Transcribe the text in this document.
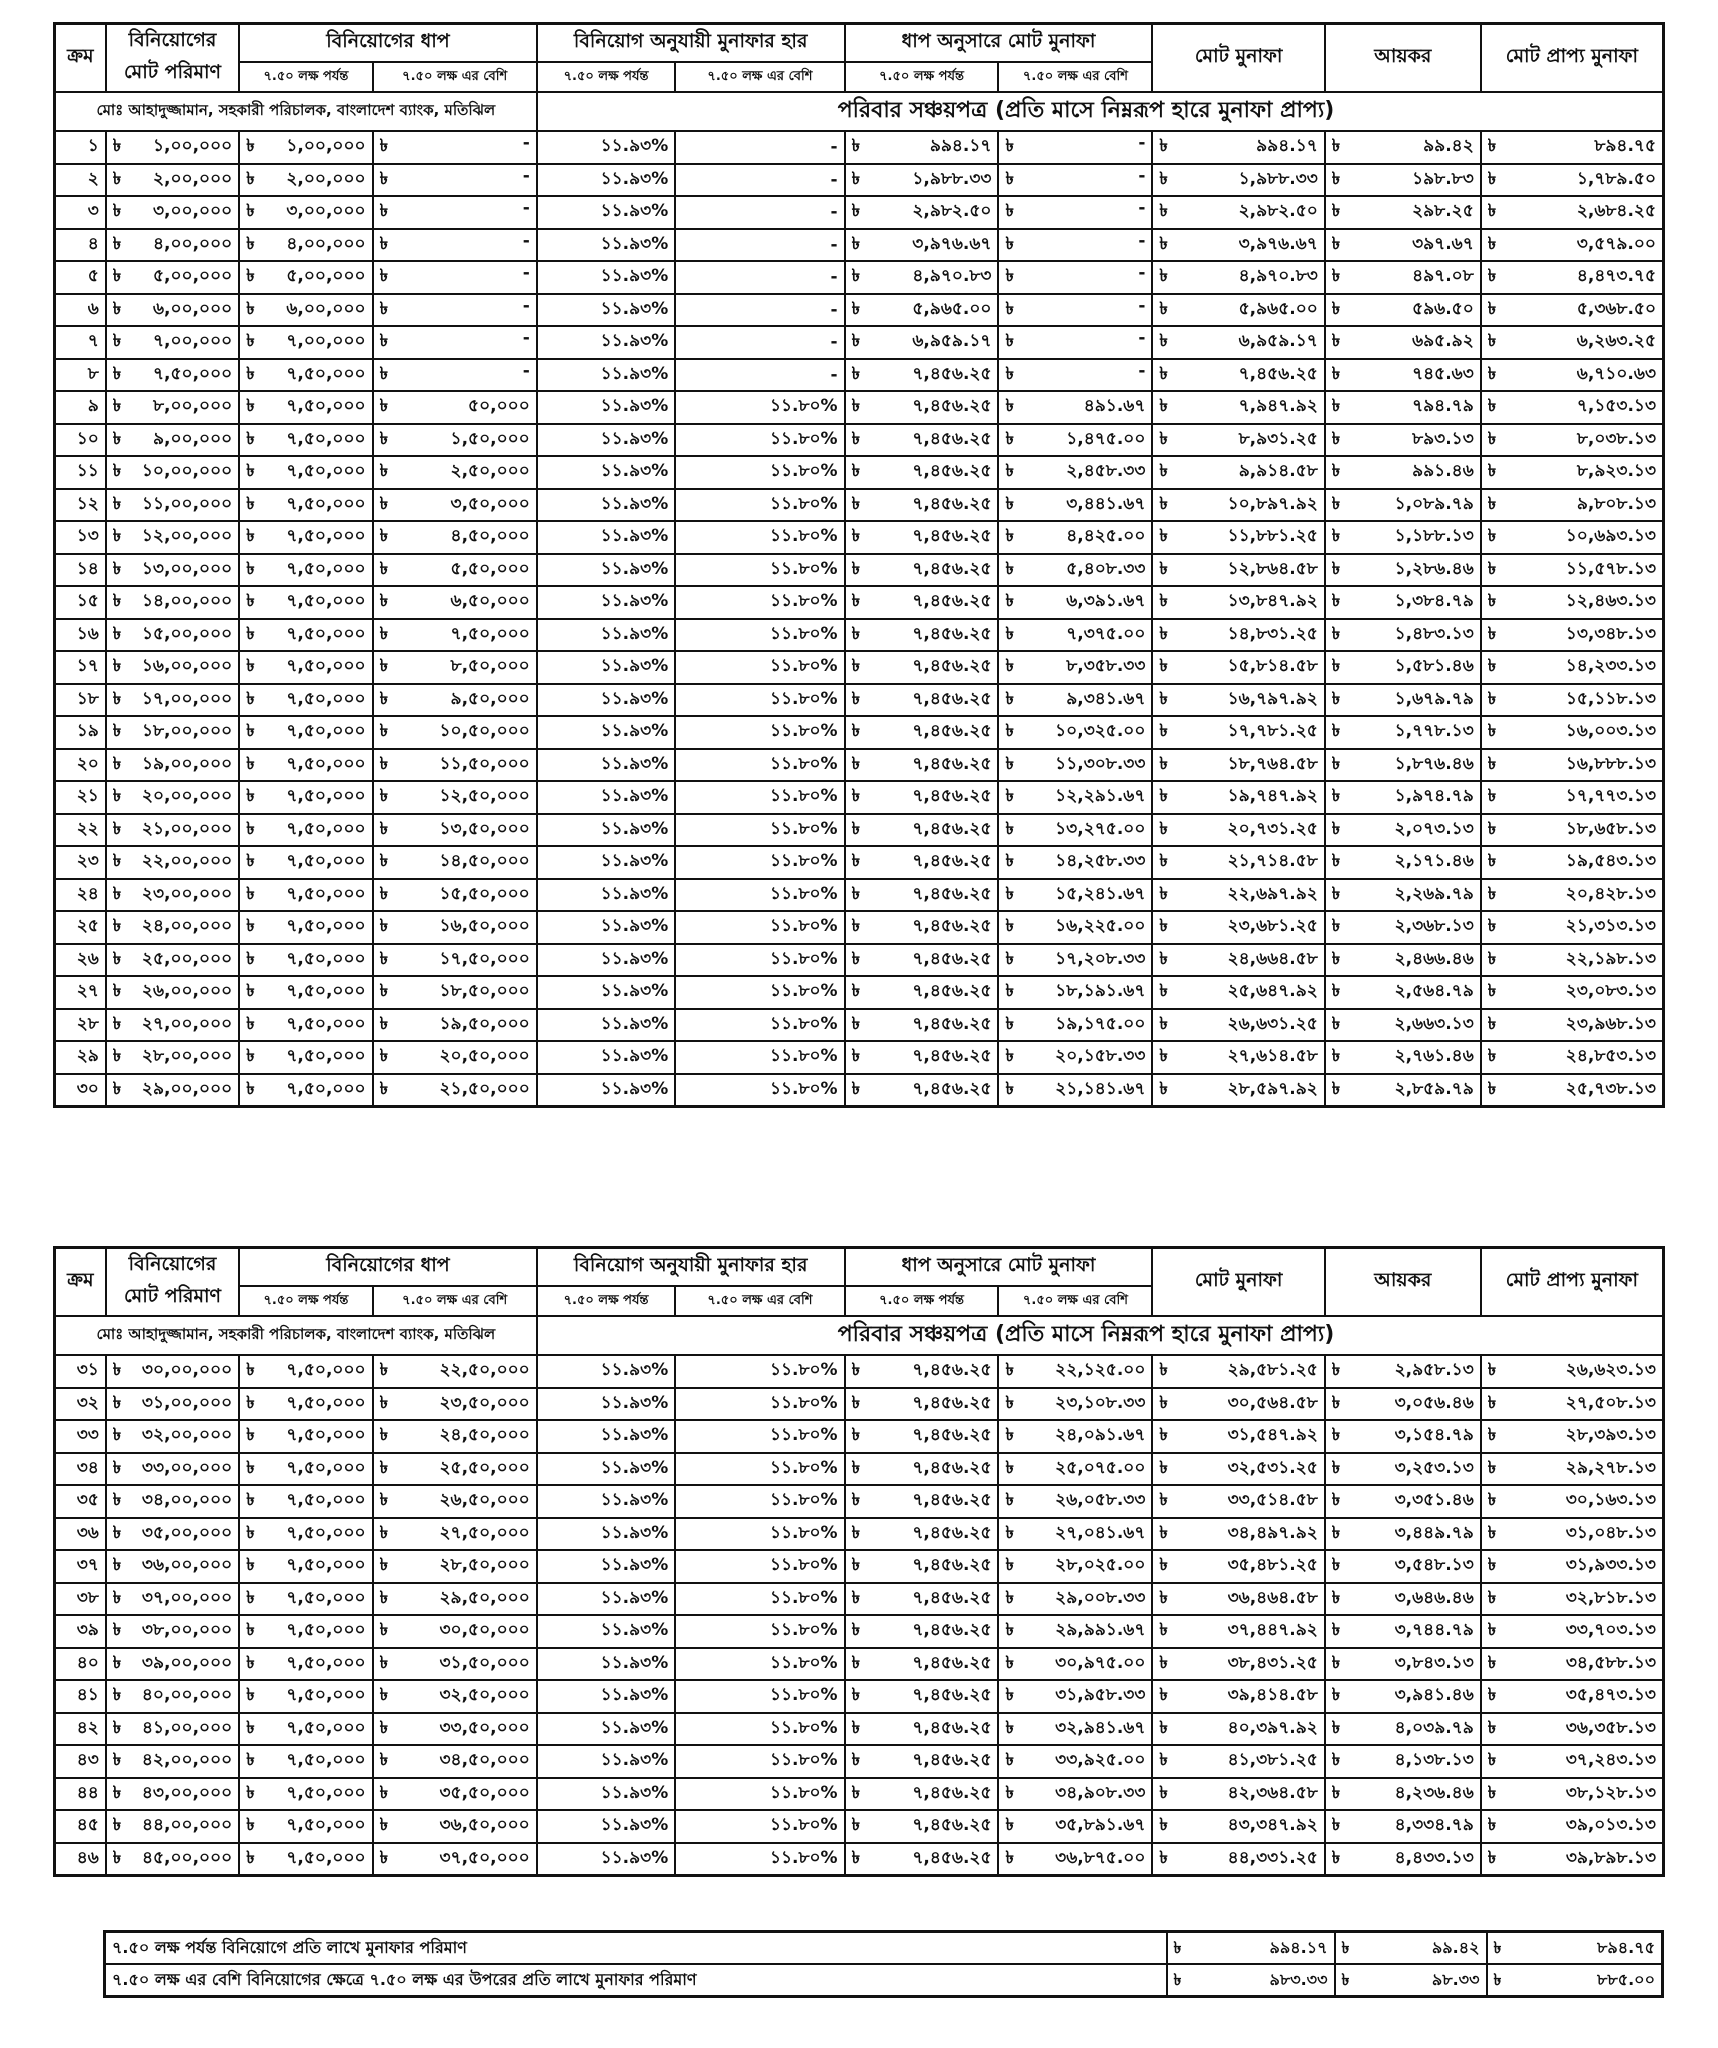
ক্রম	বিনিয়োগের মোট পরিমাণ	বিনিয়োগের ধাপ		বিনিয়োগ অনুযায়ী মুনাফার হার		ধাপ অনুসারে মোট মুনাফা		মোট মুনাফা	আয়কর	মোট প্রাপ্য মুনাফা
		৭.৫০ লক্ষ পর্যন্ত	৭.৫০ লক্ষ এর বেশি	৭.৫০ লক্ষ পর্যন্ত	৭.৫০ লক্ষ এর বেশি	৭.৫০ লক্ষ পর্যন্ত	৭.৫০ লক্ষ এর বেশি			
মোঃ আহাদুজ্জামান, সহকারী পরিচালক, বাংলাদেশ ব্যাংক, মতিঝিল				পরিবার সঞ্চয়পত্র (প্রতি মাসে নিম্নরূপ হারে মুনাফা প্রাপ্য)						
১	৳ ১,০০,০০০	৳ ১,০০,০০০	৳ -	১১.৯৩%	-	৳ ৯৯৪.১৭	৳ -	৳ ৯৯৪.১৭	৳ ৯৯.৪২	৳ ৮৯৪.৭৫
২	৳ ২,০০,০০০	৳ ২,০০,০০০	৳ -	১১.৯৩%	-	৳ ১,৯৮৮.৩৩	৳ -	৳ ১,৯৮৮.৩৩	৳ ১৯৮.৮৩	৳ ১,৭৮৯.৫০
৩	৳ ৩,০০,০০০	৳ ৩,০০,০০০	৳ -	১১.৯৩%	-	৳ ২,৯৮২.৫০	৳ -	৳ ২,৯৮২.৫০	৳ ২৯৮.২৫	৳ ২,৬৮৪.২৫
৪	৳ ৪,০০,০০০	৳ ৪,০০,০০০	৳ -	১১.৯৩%	-	৳ ৩,৯৭৬.৬৭	৳ -	৳ ৩,৯৭৬.৬৭	৳ ৩৯৭.৬৭	৳ ৩,৫৭৯.০০
৫	৳ ৫,০০,০০০	৳ ৫,০০,০০০	৳ -	১১.৯৩%	-	৳ ৪,৯৭০.৮৩	৳ -	৳ ৪,৯৭০.৮৩	৳ ৪৯৭.০৮	৳ ৪,৪৭৩.৭৫
৬	৳ ৬,০০,০০০	৳ ৬,০০,০০০	৳ -	১১.৯৩%	-	৳ ৫,৯৬৫.০০	৳ -	৳ ৫,৯৬৫.০০	৳ ৫৯৬.৫০	৳ ৫,৩৬৮.৫০
৭	৳ ৭,০০,০০০	৳ ৭,০০,০০০	৳ -	১১.৯৩%	-	৳ ৬,৯৫৯.১৭	৳ -	৳ ৬,৯৫৯.১৭	৳ ৬৯৫.৯২	৳ ৬,২৬৩.২৫
৮	৳ ৭,৫০,০০০	৳ ৭,৫০,০০০	৳ -	১১.৯৩%	-	৳ ৭,৪৫৬.২৫	৳ -	৳ ৭,৪৫৬.২৫	৳ ৭৪৫.৬৩	৳ ৬,৭১০.৬৩
৯	৳ ৮,০০,০০০	৳ ৭,৫০,০০০	৳ ৫০,০০০	১১.৯৩%	১১.৮০%	৳ ৭,৪৫৬.২৫	৳ ৪৯১.৬৭	৳ ৭,৯৪৭.৯২	৳ ৭৯৪.৭৯	৳ ৭,১৫৩.১৩
১০	৳ ৯,০০,০০০	৳ ৭,৫০,০০০	৳ ১,৫০,০০০	১১.৯৩%	১১.৮০%	৳ ৭,৪৫৬.২৫	৳ ১,৪৭৫.০০	৳ ৮,৯৩১.২৫	৳ ৮৯৩.১৩	৳ ৮,০৩৮.১৩
১১	৳ ১০,০০,০০০	৳ ৭,৫০,০০০	৳ ২,৫০,০০০	১১.৯৩%	১১.৮০%	৳ ৭,৪৫৬.২৫	৳ ২,৪৫৮.৩৩	৳ ৯,৯১৪.৫৮	৳ ৯৯১.৪৬	৳ ৮,৯২৩.১৩
১২	৳ ১১,০০,০০০	৳ ৭,৫০,০০০	৳ ৩,৫০,০০০	১১.৯৩%	১১.৮০%	৳ ৭,৪৫৬.২৫	৳ ৩,৪৪১.৬৭	৳ ১০,৮৯৭.৯২	৳ ১,০৮৯.৭৯	৳ ৯,৮০৮.১৩
১৩	৳ ১২,০০,০০০	৳ ৭,৫০,০০০	৳ ৪,৫০,০০০	১১.৯৩%	১১.৮০%	৳ ৭,৪৫৬.২৫	৳ ৪,৪২৫.০০	৳ ১১,৮৮১.২৫	৳ ১,১৮৮.১৩	৳ ১০,৬৯৩.১৩
১৪	৳ ১৩,০০,০০০	৳ ৭,৫০,০০০	৳ ৫,৫০,০০০	১১.৯৩%	১১.৮০%	৳ ৭,৪৫৬.২৫	৳ ৫,৪০৮.৩৩	৳ ১২,৮৬৪.৫৮	৳ ১,২৮৬.৪৬	৳ ১১,৫৭৮.১৩
১৫	৳ ১৪,০০,০০০	৳ ৭,৫০,০০০	৳ ৬,৫০,০০০	১১.৯৩%	১১.৮০%	৳ ৭,৪৫৬.২৫	৳ ৬,৩৯১.৬৭	৳ ১৩,৮৪৭.৯২	৳ ১,৩৮৪.৭৯	৳ ১২,৪৬৩.১৩
১৬	৳ ১৫,০০,০০০	৳ ৭,৫০,০০০	৳ ৭,৫০,০০০	১১.৯৩%	১১.৮০%	৳ ৭,৪৫৬.২৫	৳ ৭,৩৭৫.০০	৳ ১৪,৮৩১.২৫	৳ ১,৪৮৩.১৩	৳ ১৩,৩৪৮.১৩
১৭	৳ ১৬,০০,০০০	৳ ৭,৫০,০০০	৳ ৮,৫০,০০০	১১.৯৩%	১১.৮০%	৳ ৭,৪৫৬.২৫	৳ ৮,৩৫৮.৩৩	৳ ১৫,৮১৪.৫৮	৳ ১,৫৮১.৪৬	৳ ১৪,২৩৩.১৩
১৮	৳ ১৭,০০,০০০	৳ ৭,৫০,০০০	৳ ৯,৫০,০০০	১১.৯৩%	১১.৮০%	৳ ৭,৪৫৬.২৫	৳ ৯,৩৪১.৬৭	৳ ১৬,৭৯৭.৯২	৳ ১,৬৭৯.৭৯	৳ ১৫,১১৮.১৩
১৯	৳ ১৮,০০,০০০	৳ ৭,৫০,০০০	৳ ১০,৫০,০০০	১১.৯৩%	১১.৮০%	৳ ৭,৪৫৬.২৫	৳ ১০,৩২৫.০০	৳ ১৭,৭৮১.২৫	৳ ১,৭৭৮.১৩	৳ ১৬,০০৩.১৩
২০	৳ ১৯,০০,০০০	৳ ৭,৫০,০০০	৳ ১১,৫০,০০০	১১.৯৩%	১১.৮০%	৳ ৭,৪৫৬.২৫	৳ ১১,৩০৮.৩৩	৳ ১৮,৭৬৪.৫৮	৳ ১,৮৭৬.৪৬	৳ ১৬,৮৮৮.১৩
২১	৳ ২০,০০,০০০	৳ ৭,৫০,০০০	৳ ১২,৫০,০০০	১১.৯৩%	১১.৮০%	৳ ৭,৪৫৬.২৫	৳ ১২,২৯১.৬৭	৳ ১৯,৭৪৭.৯২	৳ ১,৯৭৪.৭৯	৳ ১৭,৭৭৩.১৩
২২	৳ ২১,০০,০০০	৳ ৭,৫০,০০০	৳ ১৩,৫০,০০০	১১.৯৩%	১১.৮০%	৳ ৭,৪৫৬.২৫	৳ ১৩,২৭৫.০০	৳ ২০,৭৩১.২৫	৳ ২,০৭৩.১৩	৳ ১৮,৬৫৮.১৩
২৩	৳ ২২,০০,০০০	৳ ৭,৫০,০০০	৳ ১৪,৫০,০০০	১১.৯৩%	১১.৮০%	৳ ৭,৪৫৬.২৫	৳ ১৪,২৫৮.৩৩	৳ ২১,৭১৪.৫৮	৳ ২,১৭১.৪৬	৳ ১৯,৫৪৩.১৩
২৪	৳ ২৩,০০,০০০	৳ ৭,৫০,০০০	৳ ১৫,৫০,০০০	১১.৯৩%	১১.৮০%	৳ ৭,৪৫৬.২৫	৳ ১৫,২৪১.৬৭	৳ ২২,৬৯৭.৯২	৳ ২,২৬৯.৭৯	৳ ২০,৪২৮.১৩
২৫	৳ ২৪,০০,০০০	৳ ৭,৫০,০০০	৳ ১৬,৫০,০০০	১১.৯৩%	১১.৮০%	৳ ৭,৪৫৬.২৫	৳ ১৬,২২৫.০০	৳ ২৩,৬৮১.২৫	৳ ২,৩৬৮.১৩	৳ ২১,৩১৩.১৩
২৬	৳ ২৫,০০,০০০	৳ ৭,৫০,০০০	৳ ১৭,৫০,০০০	১১.৯৩%	১১.৮০%	৳ ৭,৪৫৬.২৫	৳ ১৭,২০৮.৩৩	৳ ২৪,৬৬৪.৫৮	৳ ২,৪৬৬.৪৬	৳ ২২,১৯৮.১৩
২৭	৳ ২৬,০০,০০০	৳ ৭,৫০,০০০	৳ ১৮,৫০,০০০	১১.৯৩%	১১.৮০%	৳ ৭,৪৫৬.২৫	৳ ১৮,১৯১.৬৭	৳ ২৫,৬৪৭.৯২	৳ ২,৫৬৪.৭৯	৳ ২৩,০৮৩.১৩
২৮	৳ ২৭,০০,০০০	৳ ৭,৫০,০০০	৳ ১৯,৫০,০০০	১১.৯৩%	১১.৮০%	৳ ৭,৪৫৬.২৫	৳ ১৯,১৭৫.০০	৳ ২৬,৬৩১.২৫	৳ ২,৬৬৩.১৩	৳ ২৩,৯৬৮.১৩
২৯	৳ ২৮,০০,০০০	৳ ৭,৫০,০০০	৳ ২০,৫০,০০০	১১.৯৩%	১১.৮০%	৳ ৭,৪৫৬.২৫	৳ ২০,১৫৮.৩৩	৳ ২৭,৬১৪.৫৮	৳ ২,৭৬১.৪৬	৳ ২৪,৮৫৩.১৩
৩০	৳ ২৯,০০,০০০	৳ ৭,৫০,০০০	৳ ২১,৫০,০০০	১১.৯৩%	১১.৮০%	৳ ৭,৪৫৬.২৫	৳ ২১,১৪১.৬৭	৳ ২৮,৫৯৭.৯২	৳ ২,৮৫৯.৭৯	৳ ২৫,৭৩৮.১৩
ক্রম	বিনিয়োগের মোট পরিমাণ	বিনিয়োগের ধাপ		বিনিয়োগ অনুযায়ী মুনাফার হার		ধাপ অনুসারে মোট মুনাফা		মোট মুনাফা	আয়কর	মোট প্রাপ্য মুনাফা
		৭.৫০ লক্ষ পর্যন্ত	৭.৫০ লক্ষ এর বেশি	৭.৫০ লক্ষ পর্যন্ত	৭.৫০ লক্ষ এর বেশি	৭.৫০ লক্ষ পর্যন্ত	৭.৫০ লক্ষ এর বেশি			
মোঃ আহাদুজ্জামান, সহকারী পরিচালক, বাংলাদেশ ব্যাংক, মতিঝিল				পরিবার সঞ্চয়পত্র (প্রতি মাসে নিম্নরূপ হারে মুনাফা প্রাপ্য)						
৩১	৳ ৩০,০০,০০০	৳ ৭,৫০,০০০	৳ ২২,৫০,০০০	১১.৯৩%	১১.৮০%	৳ ৭,৪৫৬.২৫	৳ ২২,১২৫.০০	৳ ২৯,৫৮১.২৫	৳ ২,৯৫৮.১৩	৳ ২৬,৬২৩.১৩
৩২	৳ ৩১,০০,০০০	৳ ৭,৫০,০০০	৳ ২৩,৫০,০০০	১১.৯৩%	১১.৮০%	৳ ৭,৪৫৬.২৫	৳ ২৩,১০৮.৩৩	৳ ৩০,৫৬৪.৫৮	৳ ৩,০৫৬.৪৬	৳ ২৭,৫০৮.১৩
৩৩	৳ ৩২,০০,০০০	৳ ৭,৫০,০০০	৳ ২৪,৫০,০০০	১১.৯৩%	১১.৮০%	৳ ৭,৪৫৬.২৫	৳ ২৪,০৯১.৬৭	৳ ৩১,৫৪৭.৯২	৳ ৩,১৫৪.৭৯	৳ ২৮,৩৯৩.১৩
৩৪	৳ ৩৩,০০,০০০	৳ ৭,৫০,০০০	৳ ২৫,৫০,০০০	১১.৯৩%	১১.৮০%	৳ ৭,৪৫৬.২৫	৳ ২৫,০৭৫.০০	৳ ৩২,৫৩১.২৫	৳ ৩,২৫৩.১৩	৳ ২৯,২৭৮.১৩
৩৫	৳ ৩৪,০০,০০০	৳ ৭,৫০,০০০	৳ ২৬,৫০,০০০	১১.৯৩%	১১.৮০%	৳ ৭,৪৫৬.২৫	৳ ২৬,০৫৮.৩৩	৳ ৩৩,৫১৪.৫৮	৳ ৩,৩৫১.৪৬	৳ ৩০,১৬৩.১৩
৩৬	৳ ৩৫,০০,০০০	৳ ৭,৫০,০০০	৳ ২৭,৫০,০০০	১১.৯৩%	১১.৮০%	৳ ৭,৪৫৬.২৫	৳ ২৭,০৪১.৬৭	৳ ৩৪,৪৯৭.৯২	৳ ৩,৪৪৯.৭৯	৳ ৩১,০৪৮.১৩
৩৭	৳ ৩৬,০০,০০০	৳ ৭,৫০,০০০	৳ ২৮,৫০,০০০	১১.৯৩%	১১.৮০%	৳ ৭,৪৫৬.২৫	৳ ২৮,০২৫.০০	৳ ৩৫,৪৮১.২৫	৳ ৩,৫৪৮.১৩	৳ ৩১,৯৩৩.১৩
৩৮	৳ ৩৭,০০,০০০	৳ ৭,৫০,০০০	৳ ২৯,৫০,০০০	১১.৯৩%	১১.৮০%	৳ ৭,৪৫৬.২৫	৳ ২৯,০০৮.৩৩	৳ ৩৬,৪৬৪.৫৮	৳ ৩,৬৪৬.৪৬	৳ ৩২,৮১৮.১৩
৩৯	৳ ৩৮,০০,০০০	৳ ৭,৫০,০০০	৳ ৩০,৫০,০০০	১১.৯৩%	১১.৮০%	৳ ৭,৪৫৬.২৫	৳ ২৯,৯৯১.৬৭	৳ ৩৭,৪৪৭.৯২	৳ ৩,৭৪৪.৭৯	৳ ৩৩,৭০৩.১৩
৪০	৳ ৩৯,০০,০০০	৳ ৭,৫০,০০০	৳ ৩১,৫০,০০০	১১.৯৩%	১১.৮০%	৳ ৭,৪৫৬.২৫	৳ ৩০,৯৭৫.০০	৳ ৩৮,৪৩১.২৫	৳ ৩,৮৪৩.১৩	৳ ৩৪,৫৮৮.১৩
৪১	৳ ৪০,০০,০০০	৳ ৭,৫০,০০০	৳ ৩২,৫০,০০০	১১.৯৩%	১১.৮০%	৳ ৭,৪৫৬.২৫	৳ ৩১,৯৫৮.৩৩	৳ ৩৯,৪১৪.৫৮	৳ ৩,৯৪১.৪৬	৳ ৩৫,৪৭৩.১৩
৪২	৳ ৪১,০০,০০০	৳ ৭,৫০,০০০	৳ ৩৩,৫০,০০০	১১.৯৩%	১১.৮০%	৳ ৭,৪৫৬.২৫	৳ ৩২,৯৪১.৬৭	৳ ৪০,৩৯৭.৯২	৳ ৪,০৩৯.৭৯	৳ ৩৬,৩৫৮.১৩
৪৩	৳ ৪২,০০,০০০	৳ ৭,৫০,০০০	৳ ৩৪,৫০,০০০	১১.৯৩%	১১.৮০%	৳ ৭,৪৫৬.২৫	৳ ৩৩,৯২৫.০০	৳ ৪১,৩৮১.২৫	৳ ৪,১৩৮.১৩	৳ ৩৭,২৪৩.১৩
৪৪	৳ ৪৩,০০,০০০	৳ ৭,৫০,০০০	৳ ৩৫,৫০,০০০	১১.৯৩%	১১.৮০%	৳ ৭,৪৫৬.২৫	৳ ৩৪,৯০৮.৩৩	৳ ৪২,৩৬৪.৫৮	৳ ৪,২৩৬.৪৬	৳ ৩৮,১২৮.১৩
৪৫	৳ ৪৪,০০,০০০	৳ ৭,৫০,০০০	৳ ৩৬,৫০,০০০	১১.৯৩%	১১.৮০%	৳ ৭,৪৫৬.২৫	৳ ৩৫,৮৯১.৬৭	৳ ৪৩,৩৪৭.৯২	৳ ৪,৩৩৪.৭৯	৳ ৩৯,০১৩.১৩
৪৬	৳ ৪৫,০০,০০০	৳ ৭,৫০,০০০	৳ ৩৭,৫০,০০০	১১.৯৩%	১১.৮০%	৳ ৭,৪৫৬.২৫	৳ ৩৬,৮৭৫.০০	৳ ৪৪,৩৩১.২৫	৳ ৪,৪৩৩.১৩	৳ ৩৯,৮৯৮.১৩
৭.৫০ লক্ষ পর্যন্ত বিনিয়োগে প্রতি লাখে মুনাফার পরিমাণ	৳ ৯৯৪.১৭	৳ ৯৯.৪২	৳ ৮৯৪.৭৫
৭.৫০ লক্ষ এর বেশি বিনিয়োগের ক্ষেত্রে ৭.৫০ লক্ষ এর উপরের প্রতি লাখে মুনাফার পরিমাণ	৳ ৯৮৩.৩৩	৳ ৯৮.৩৩	৳ ৮৮৫.০০
